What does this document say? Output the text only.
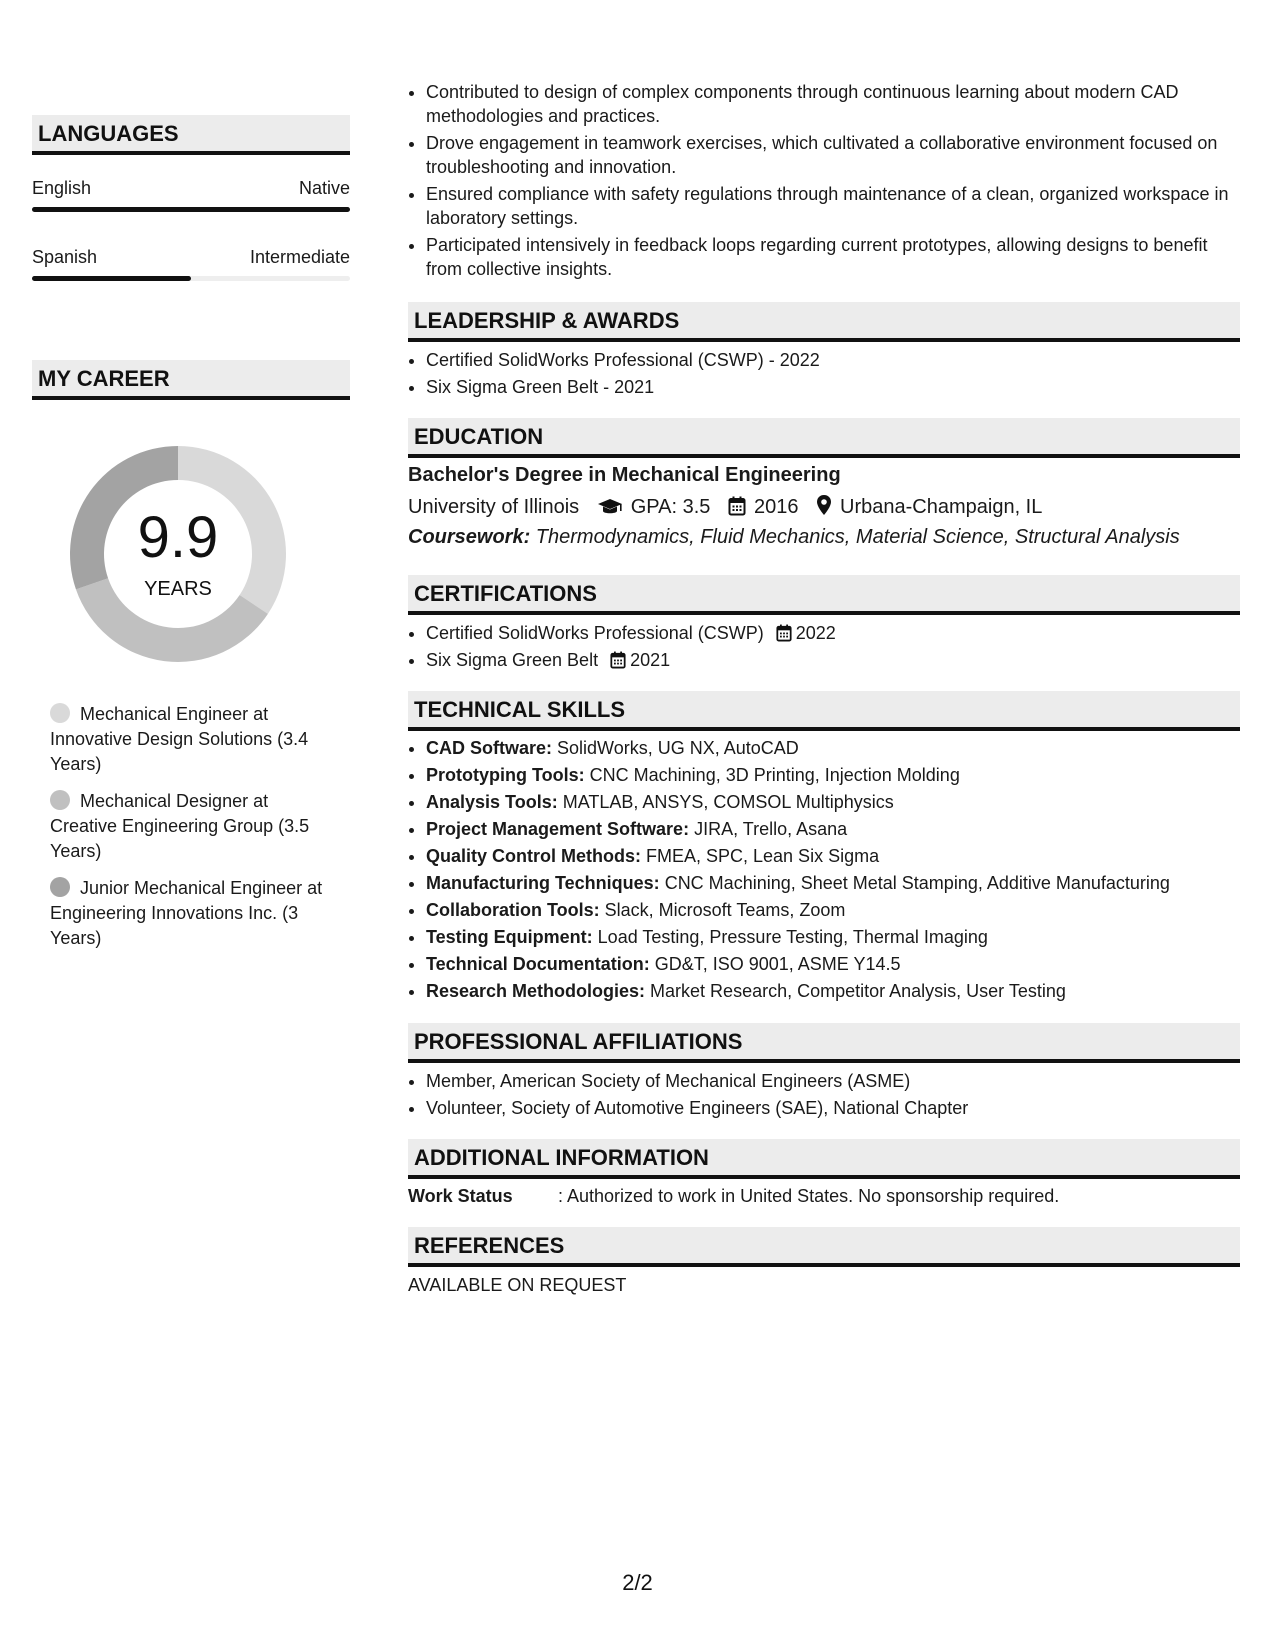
LANGUAGES
English	Native
Spanish	Intermediate
MY CAREER
9.9
YEARS
Mechanical Engineer at Innovative Design Solutions (3.4 Years)
Mechanical Designer at Creative Engineering Group (3.5 Years)
Junior Mechanical Engineer at Engineering Innovations Inc. (3 Years)
• Contributed to design of complex components through continuous learning about modern CAD methodologies and practices.
• Drove engagement in teamwork exercises, which cultivated a collaborative environment focused on troubleshooting and innovation.
• Ensured compliance with safety regulations through maintenance of a clean, organized workspace in laboratory settings.
• Participated intensively in feedback loops regarding current prototypes, allowing designs to benefit from collective insights.
LEADERSHIP & AWARDS
• Certified SolidWorks Professional (CSWP) - 2022
• Six Sigma Green Belt - 2021
EDUCATION
Bachelor's Degree in Mechanical Engineering
University of Illinois	GPA: 3.5 2016 Urbana-Champaign, IL
Coursework: Thermodynamics, Fluid Mechanics, Material Science, Structural Analysis
CERTIFICATIONS
• Certified SolidWorks Professional (CSWP) 2022
• Six Sigma Green Belt 2021
TECHNICAL SKILLS
• CAD Software: SolidWorks, UG NX, AutoCAD
• Prototyping Tools: CNC Machining, 3D Printing, Injection Molding
• Analysis Tools: MATLAB, ANSYS, COMSOL Multiphysics
• Project Management Software: JIRA, Trello, Asana
• Quality Control Methods: FMEA, SPC, Lean Six Sigma
• Manufacturing Techniques: CNC Machining, Sheet Metal Stamping, Additive Manufacturing
• Collaboration Tools: Slack, Microsoft Teams, Zoom
• Testing Equipment: Load Testing, Pressure Testing, Thermal Imaging
• Technical Documentation: GD&T, ISO 9001, ASME Y14.5
• Research Methodologies: Market Research, Competitor Analysis, User Testing
PROFESSIONAL AFFILIATIONS
• Member, American Society of Mechanical Engineers (ASME)
• Volunteer, Society of Automotive Engineers (SAE), National Chapter
ADDITIONAL INFORMATION
Work Status	: Authorized to work in United States. No sponsorship required.
REFERENCES
AVAILABLE ON REQUEST
2/2
